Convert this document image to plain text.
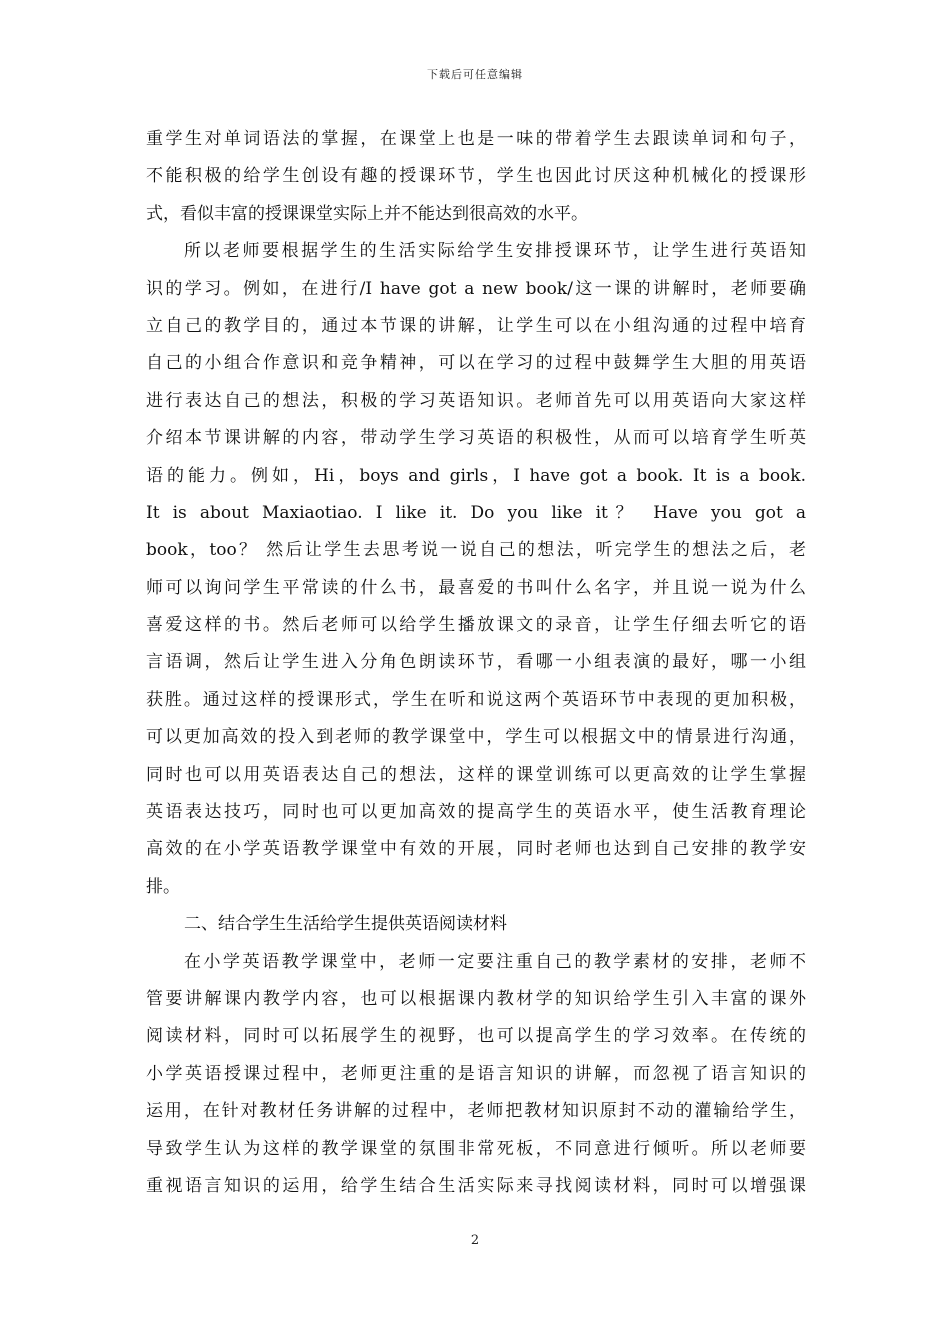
下载后可任意编辑
重学生对单词语法的掌握，在课堂上也是一味的带着学生去跟读单词和句子，
不能积极的给学生创设有趣的授课环节，学生也因此讨厌这种机械化的授课形
式，看似丰富的授课课堂实际上并不能达到很高效的水平。
所以老师要根据学生的生活实际给学生安排授课环节，让学生进行英语知
识的学习。例如，在进行/I have got a new book/这一课的讲解时，老师要确
立自己的教学目的，通过本节课的讲解，让学生可以在小组沟通的过程中培育
自己的小组合作意识和竞争精神，可以在学习的过程中鼓舞学生大胆的用英语
进行表达自己的想法，积极的学习英语知识。老师首先可以用英语向大家这样
介绍本节课讲解的内容，带动学生学习英语的积极性，从而可以培育学生听英
语的能力。例如，Hi，boys and girls，I have got a book. It is a book.
It is about Maxiaotiao. I like it. Do you like it？ Have you got a
book，too？ 然后让学生去思考说一说自己的想法，听完学生的想法之后，老
师可以询问学生平常读的什么书，最喜爱的书叫什么名字，并且说一说为什么
喜爱这样的书。然后老师可以给学生播放课文的录音，让学生仔细去听它的语
言语调，然后让学生进入分角色朗读环节，看哪一小组表演的最好，哪一小组
获胜。通过这样的授课形式，学生在听和说这两个英语环节中表现的更加积极，
可以更加高效的投入到老师的教学课堂中，学生可以根据文中的情景进行沟通，
同时也可以用英语表达自己的想法，这样的课堂训练可以更高效的让学生掌握
英语表达技巧，同时也可以更加高效的提高学生的英语水平，使生活教育理论
高效的在小学英语教学课堂中有效的开展，同时老师也达到自己安排的教学安
排。
二、结合学生生活给学生提供英语阅读材料
在小学英语教学课堂中，老师一定要注重自己的教学素材的安排，老师不
管要讲解课内教学内容，也可以根据课内教材学的知识给学生引入丰富的课外
阅读材料，同时可以拓展学生的视野，也可以提高学生的学习效率。在传统的
小学英语授课过程中，老师更注重的是语言知识的讲解，而忽视了语言知识的
运用，在针对教材任务讲解的过程中，老师把教材知识原封不动的灌输给学生，
导致学生认为这样的教学课堂的氛围非常死板，不同意进行倾听。所以老师要
重视语言知识的运用，给学生结合生活实际来寻找阅读材料，同时可以增强课
2
